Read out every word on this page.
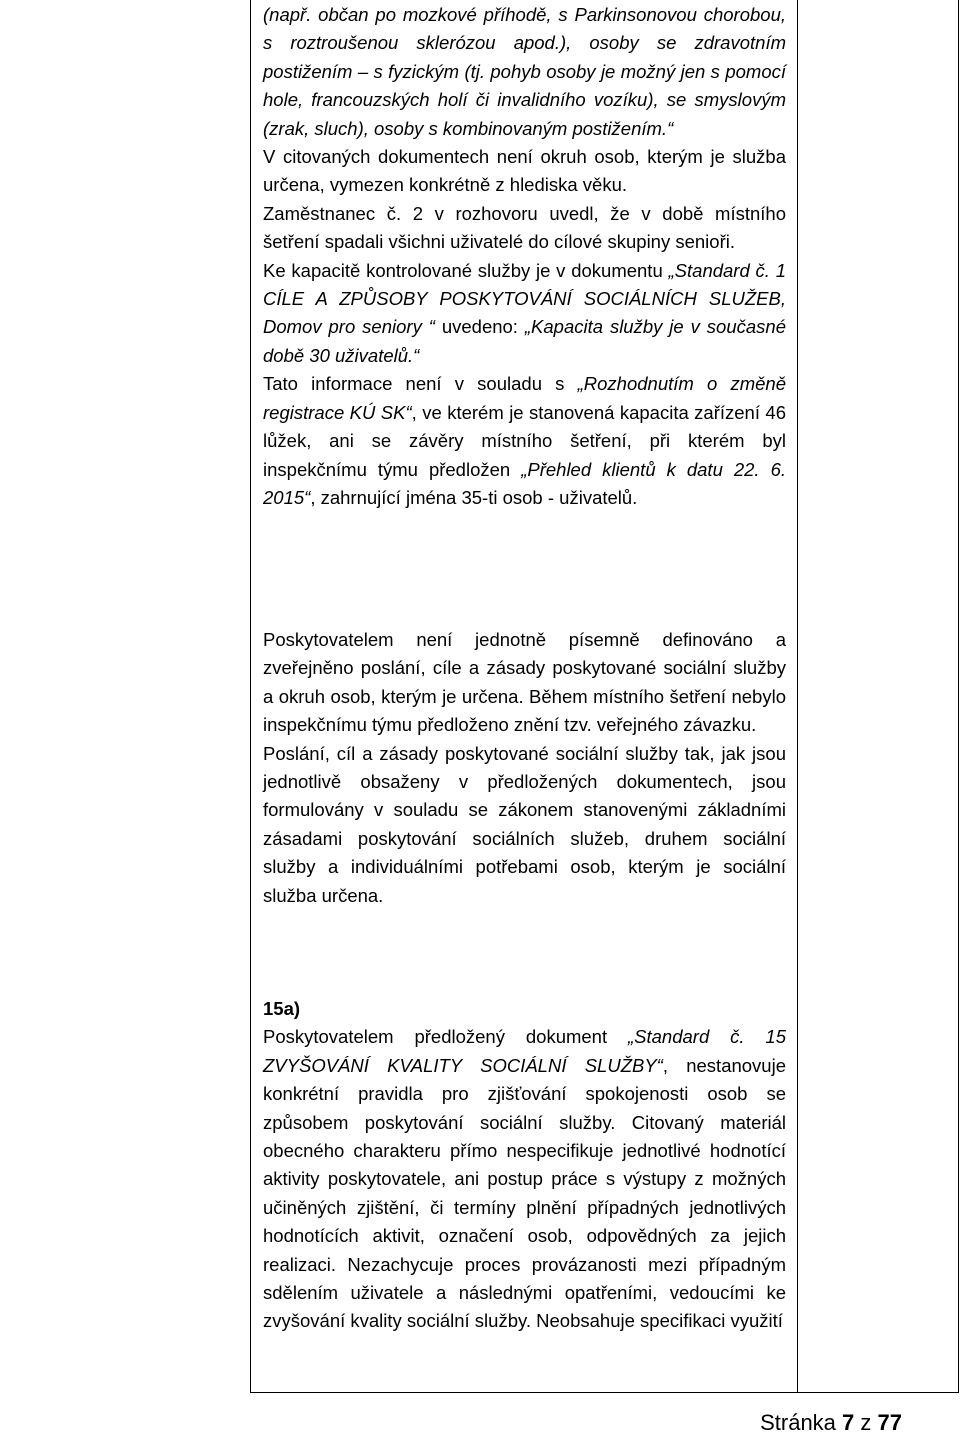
(např. občan po mozkové příhodě, s Parkinsonovou chorobou, s roztroušenou sklerózou apod.), osoby se zdravotním postižením – s fyzickým (tj. pohyb osoby je možný jen s pomocí hole, francouzských holí či invalidního vozíku), se smyslovým (zrak, sluch), osoby s kombinovaným postižením.“
V citovaných dokumentech není okruh osob, kterým je služba určena, vymezen konkrétně z hlediska věku.
Zaměstnanec č. 2 v rozhovoru uvedl, že v době místního šetření spadali všichni uživatelé do cílové skupiny senioři.
Ke kapacitě kontrolované služby je v dokumentu „Standard č. 1 CÍLE A ZPŮSOBY POSKYTOVÁNÍ SOCIÁLNÍCH SLUŽEB, Domov pro seniory “ uvedeno: „Kapacita služby je v současné době 30 uživatelů.“
Tato informace není v souladu s „Rozhodnutím o změně registrace KÚ SK“, ve kterém je stanovená kapacita zařízení 46 lůžek, ani se závěry místního šetření, při kterém byl inspekčnímu týmu předložen „Přehled klientů k datu 22. 6. 2015“, zahrnující jména 35-ti osob - uživatelů.
Poskytovatelem není jednotně písemně definováno a zveřejněno poslání, cíle a zásady poskytované sociální služby a okruh osob, kterým je určena. Během místního šetření nebylo inspekčnímu týmu předloženo znění tzv. veřejného závazku.
Poslání, cíl a zásady poskytované sociální služby tak, jak jsou jednotlivě obsaženy v předložených dokumentech, jsou formulovány v souladu se zákonem stanovenými základními zásadami poskytování sociálních služeb, druhem sociální služby a individuálními potřebami osob, kterým je sociální služba určena.
15a)
Poskytovatelem předložený dokument „Standard č. 15 ZVYŠOVÁNÍ KVALITY SOCIÁLNÍ SLUŽBY“, nestanovuje konkrétní pravidla pro zjišťování spokojenosti osob se způsobem poskytování sociální služby. Citovaný materiál obecného charakteru přímo nespecifikuje jednotlivé hodnotící aktivity poskytovatele, ani postup práce s výstupy z možných učiněných zjištění, či termíny plnění případných jednotlivých hodnotících aktivit, označení osob, odpovědných za jejich realizaci. Nezachycuje proces provázanosti mezi případným sdělením uživatele a následnými opatřeními, vedoucími ke zvyšování kvality sociální služby. Neobsahuje specifikaci využití
Stránka 7 z 77
